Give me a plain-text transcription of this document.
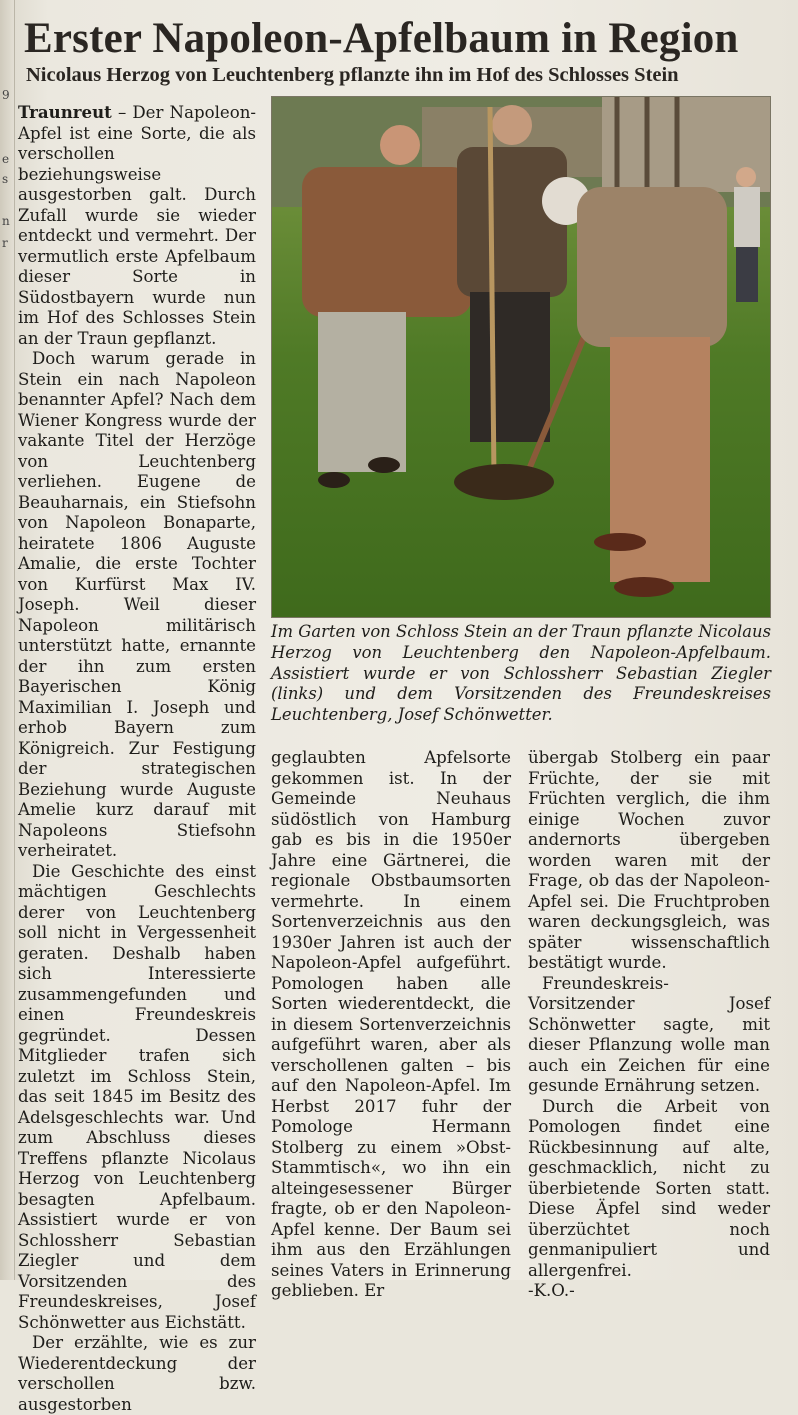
9
e
s
n
r
Erster Napoleon-Apfelbaum in Region
Nicolaus Herzog von Leuchtenberg pflanzte ihn im Hof des Schlosses Stein

Traunreut – Der Napoleon-Apfel ist eine Sorte, die als verschollen beziehungsweise ausgestorben galt. Durch Zufall wurde sie wieder entdeckt und vermehrt. Der vermutlich erste Apfelbaum dieser Sorte in Südostbayern wurde nun im Hof des Schlosses Stein an der Traun gepflanzt.

Doch warum gerade in Stein ein nach Napoleon benannter Apfel? Nach dem Wiener Kongress wurde der vakante Titel der Herzöge von Leuchtenberg verliehen. Eugene de Beauharnais, ein Stiefsohn von Napoleon Bonaparte, heiratete 1806 Auguste Amalie, die erste Tochter von Kurfürst Max IV. Joseph. Weil dieser Napoleon militärisch unterstützt hatte, ernannte der ihn zum ersten Bayerischen König Maximilian I. Joseph und erhob Bayern zum Königreich. Zur Festigung der strategischen Beziehung wurde Auguste Amelie kurz darauf mit Napoleons Stiefsohn verheiratet.

Die Geschichte des einst mächtigen Geschlechts derer von Leuchtenberg soll nicht in Vergessenheit geraten. Deshalb haben sich Interessierte zusammengefunden und einen Freundeskreis gegründet. Dessen Mitglieder trafen sich zuletzt im Schloss Stein, das seit 1845 im Besitz des Adelsgeschlechts war. Und zum Abschluss dieses Treffens pflanzte Nicolaus Herzog von Leuchtenberg besagten Apfelbaum. Assistiert wurde er von Schlossherr Sebastian Ziegler und dem Vorsitzenden des Freundeskreises, Josef Schönwetter aus Eichstätt.

Der erzählte, wie es zur Wiederentdeckung der verschollen bzw. ausgestorben

Im Garten von Schloss Stein an der Traun pflanzte Nicolaus Herzog von Leuchtenberg den Napoleon-Apfelbaum. Assistiert wurde er von Schlossherr Sebastian Ziegler (links) und dem Vorsitzenden des Freundeskreises Leuchtenberg, Josef Schönwetter.

geglaubten Apfelsorte gekommen ist. In der Gemeinde Neuhaus südöstlich von Hamburg gab es bis in die 1950er Jahre eine Gärtnerei, die regionale Obstbaumsorten vermehrte. In einem Sortenverzeichnis aus den 1930er Jahren ist auch der Napoleon-Apfel aufgeführt. Pomologen haben alle Sorten wiederentdeckt, die in diesem Sortenverzeichnis aufgeführt waren, aber als verschollenen galten – bis auf den Napoleon-Apfel. Im Herbst 2017 fuhr der Pomologe Hermann Stolberg zu einem »Obst-Stammtisch«, wo ihn ein alteingesessener Bürger fragte, ob er den Napoleon-Apfel kenne. Der Baum sei ihm aus den Erzählungen seines Vaters in Erinnerung geblieben. Er

übergab Stolberg ein paar Früchte, der sie mit Früchten verglich, die ihm einige Wochen zuvor andernorts übergeben worden waren mit der Frage, ob das der Napoleon-Apfel sei. Die Fruchtproben waren deckungsgleich, was später wissenschaftlich bestätigt wurde.

Freundeskreis-Vorsitzender Josef Schönwetter sagte, mit dieser Pflanzung wolle man auch ein Zeichen für eine gesunde Ernährung setzen.

Durch die Arbeit von Pomologen findet eine Rückbesinnung auf alte, geschmacklich, nicht zu überbietende Sorten statt. Diese Äpfel sind weder überzüchtet noch genmanipuliert und allergenfrei.

-K.O.-
